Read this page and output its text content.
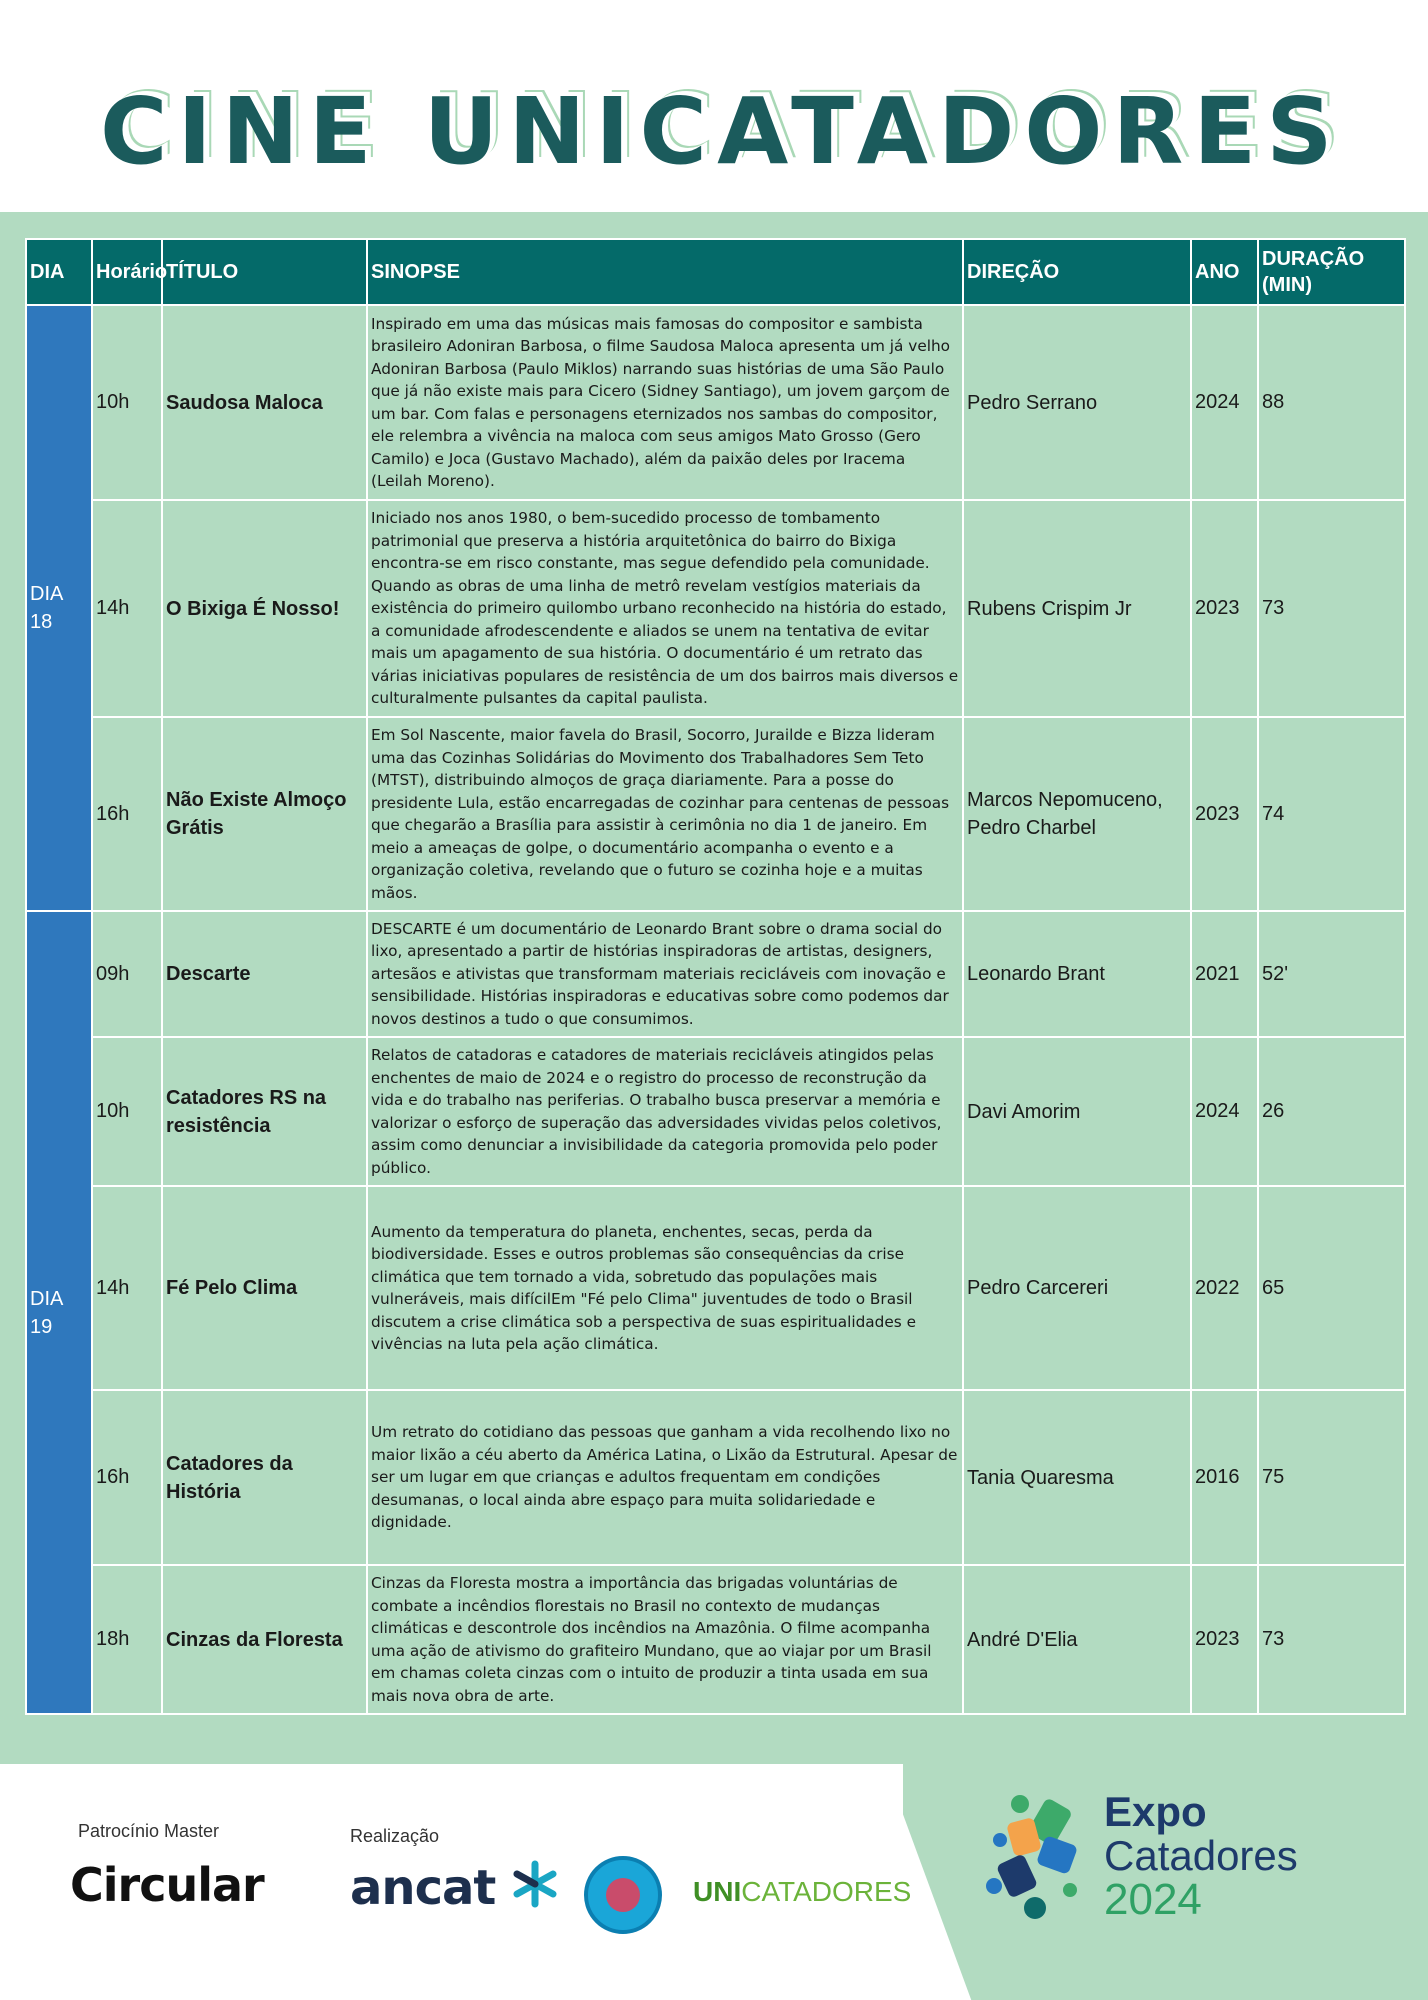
CINE UNICATADORES
DIA	Horário	TÍTULO	SINOPSE	DIREÇÃO	ANO	DURAÇÃO (MIN)
DIA 18	10h	Saudosa Maloca	Inspirado em uma das músicas mais famosas do compositor e sambista brasileiro Adoniran Barbosa, o filme Saudosa Maloca apresenta um já velho Adoniran Barbosa (Paulo Miklos) narrando suas histórias de uma São Paulo que já não existe mais para Cicero (Sidney Santiago), um jovem garçom de um bar. Com falas e personagens eternizados nos sambas do compositor, ele relembra a vivência na maloca com seus amigos Mato Grosso (Gero Camilo) e Joca (Gustavo Machado), além da paixão deles por Iracema (Leilah Moreno).	Pedro Serrano	2024	88
	14h	O Bixiga É Nosso!	Iniciado nos anos 1980, o bem-sucedido processo de tombamento patrimonial que preserva a história arquitetônica do bairro do Bixiga encontra-se em risco constante, mas segue defendido pela comunidade. Quando as obras de uma linha de metrô revelam vestígios materiais da existência do primeiro quilombo urbano reconhecido na história do estado, a comunidade afrodescendente e aliados se unem na tentativa de evitar mais um apagamento de sua história. O documentário é um retrato das várias iniciativas populares de resistência de um dos bairros mais diversos e culturalmente pulsantes da capital paulista.	Rubens Crispim Jr	2023	73
	16h	Não Existe Almoço Grátis	Em Sol Nascente, maior favela do Brasil, Socorro, Jurailde e Bizza lideram uma das Cozinhas Solidárias do Movimento dos Trabalhadores Sem Teto (MTST), distribuindo almoços de graça diariamente. Para a posse do presidente Lula, estão encarregadas de cozinhar para centenas de pessoas que chegarão a Brasília para assistir à cerimônia no dia 1 de janeiro. Em meio a ameaças de golpe, o documentário acompanha o evento e a organização coletiva, revelando que o futuro se cozinha hoje e a muitas mãos.	Marcos Nepomuceno, Pedro Charbel	2023	74
DIA 19	09h	Descarte	DESCARTE é um documentário de Leonardo Brant sobre o drama social do lixo, apresentado a partir de histórias inspiradoras de artistas, designers, artesãos e ativistas que transformam materiais recicláveis com inovação e sensibilidade. Histórias inspiradoras e educativas sobre como podemos dar novos destinos a tudo o que consumimos.	Leonardo Brant	2021	52'
	10h	Catadores RS na resistência	Relatos de catadoras e catadores de materiais recicláveis atingidos pelas enchentes de maio de 2024 e o registro do processo de reconstrução da vida e do trabalho nas periferias. O trabalho busca preservar a memória e valorizar o esforço de superação das adversidades vividas pelos coletivos, assim como denunciar a invisibilidade da categoria promovida pelo poder público.	Davi Amorim	2024	26
	14h	Fé Pelo Clima	Aumento da temperatura do planeta, enchentes, secas, perda da biodiversidade. Esses e outros problemas são consequências da crise climática que tem tornado a vida, sobretudo das populações mais vulneráveis, mais difícilEm "Fé pelo Clima" juventudes de todo o Brasil discutem a crise climática sob a perspectiva de suas espiritualidades e vivências na luta pela ação climática.	Pedro Carcereri	2022	65
	16h	Catadores da História	Um retrato do cotidiano das pessoas que ganham a vida recolhendo lixo no maior lixão a céu aberto da América Latina, o Lixão da Estrutural. Apesar de ser um lugar em que crianças e adultos frequentam em condições desumanas, o local ainda abre espaço para muita solidariedade e dignidade.	Tania Quaresma	2016	75
	18h	Cinzas da Floresta	Cinzas da Floresta mostra a importância das brigadas voluntárias de combate a incêndios florestais no Brasil no contexto de mudanças climáticas e descontrole dos incêndios na Amazônia. O filme acompanha uma ação de ativismo do grafiteiro Mundano, que ao viajar por um Brasil em chamas coleta cinzas com o intuito de produzir a tinta usada em sua mais nova obra de arte.	André D'Elia	2023	73
Patrocínio Master
Circular
Realização
ancat	UNICATADORES
Expo
Catadores
2024
